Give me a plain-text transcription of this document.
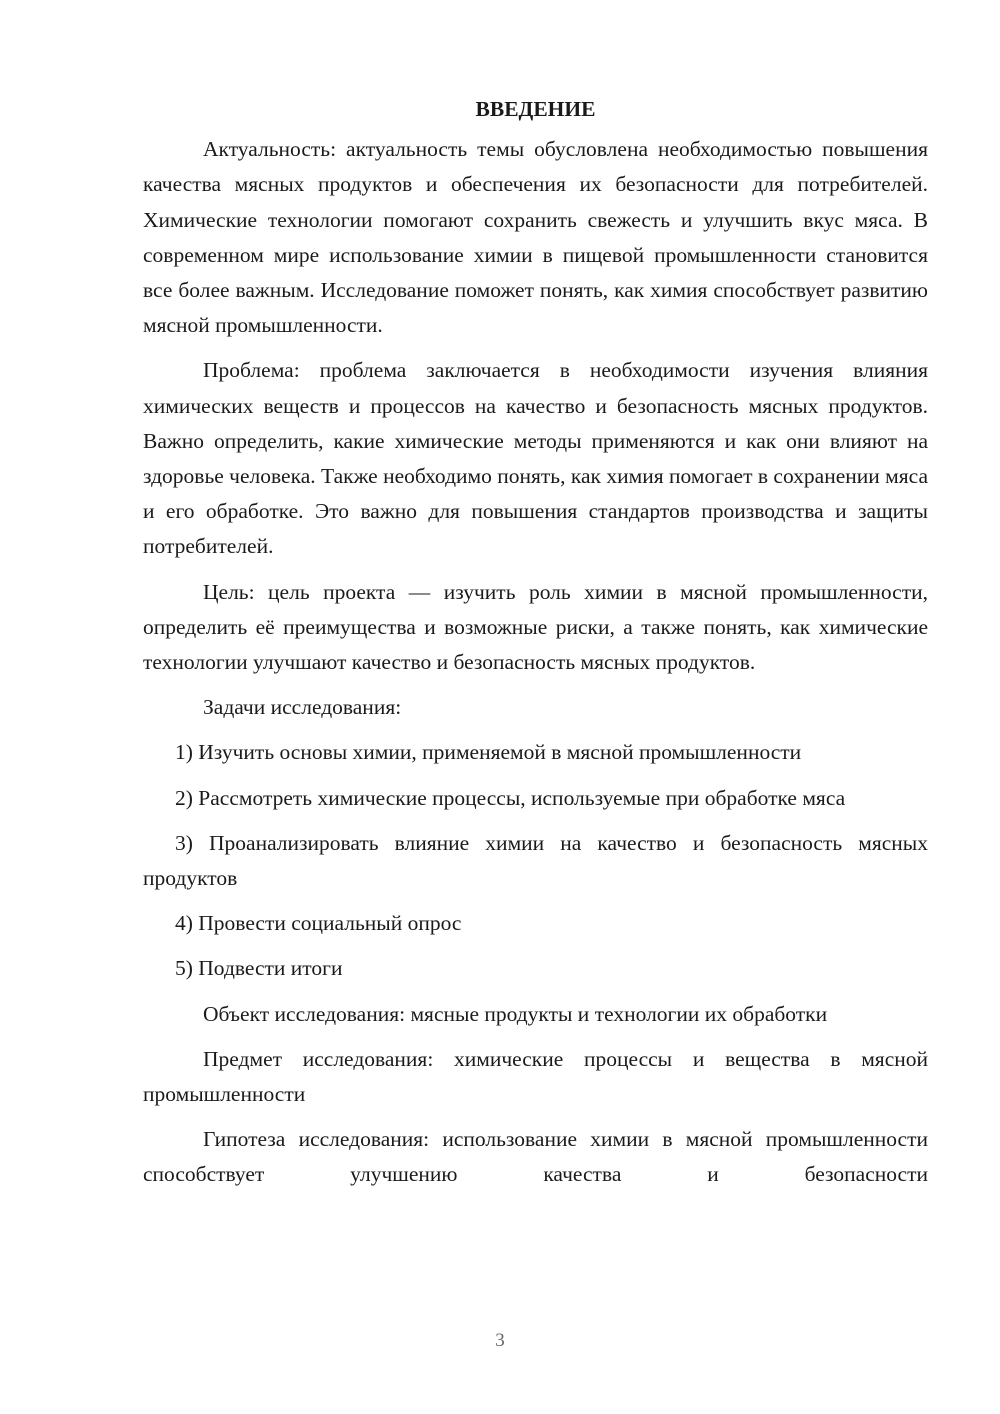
ВВЕДЕНИЕ

Актуальность: актуальность темы обусловлена необходимостью повышения качества мясных продуктов и обеспечения их безопасности для потребителей. Химические технологии помогают сохранить свежесть и улучшить вкус мяса. В современном мире использование химии в пищевой промышленности становится все более важным. Исследование поможет понять, как химия способствует развитию мясной промышленности.

Проблема: проблема заключается в необходимости изучения влияния химических веществ и процессов на качество и безопасность мясных продуктов. Важно определить, какие химические методы применяются и как они влияют на здоровье человека. Также необходимо понять, как химия помогает в сохранении мяса и его обработке. Это важно для повышения стандартов производства и защиты потребителей.

Цель: цель проекта — изучить роль химии в мясной промышленности, определить её преимущества и возможные риски, а также понять, как химические технологии улучшают качество и безопасность мясных продуктов.

Задачи исследования:

1) Изучить основы химии, применяемой в мясной промышленности

2) Рассмотреть химические процессы, используемые при обработке мяса

3) Проанализировать влияние химии на качество и безопасность мясных продуктов

4) Провести социальный опрос

5) Подвести итоги

Объект исследования: мясные продукты и технологии их обработки

Предмет исследования: химические процессы и вещества в мясной промышленности

Гипотеза исследования: использование химии в мясной промышленности способствует улучшению качества и безопасности

3
